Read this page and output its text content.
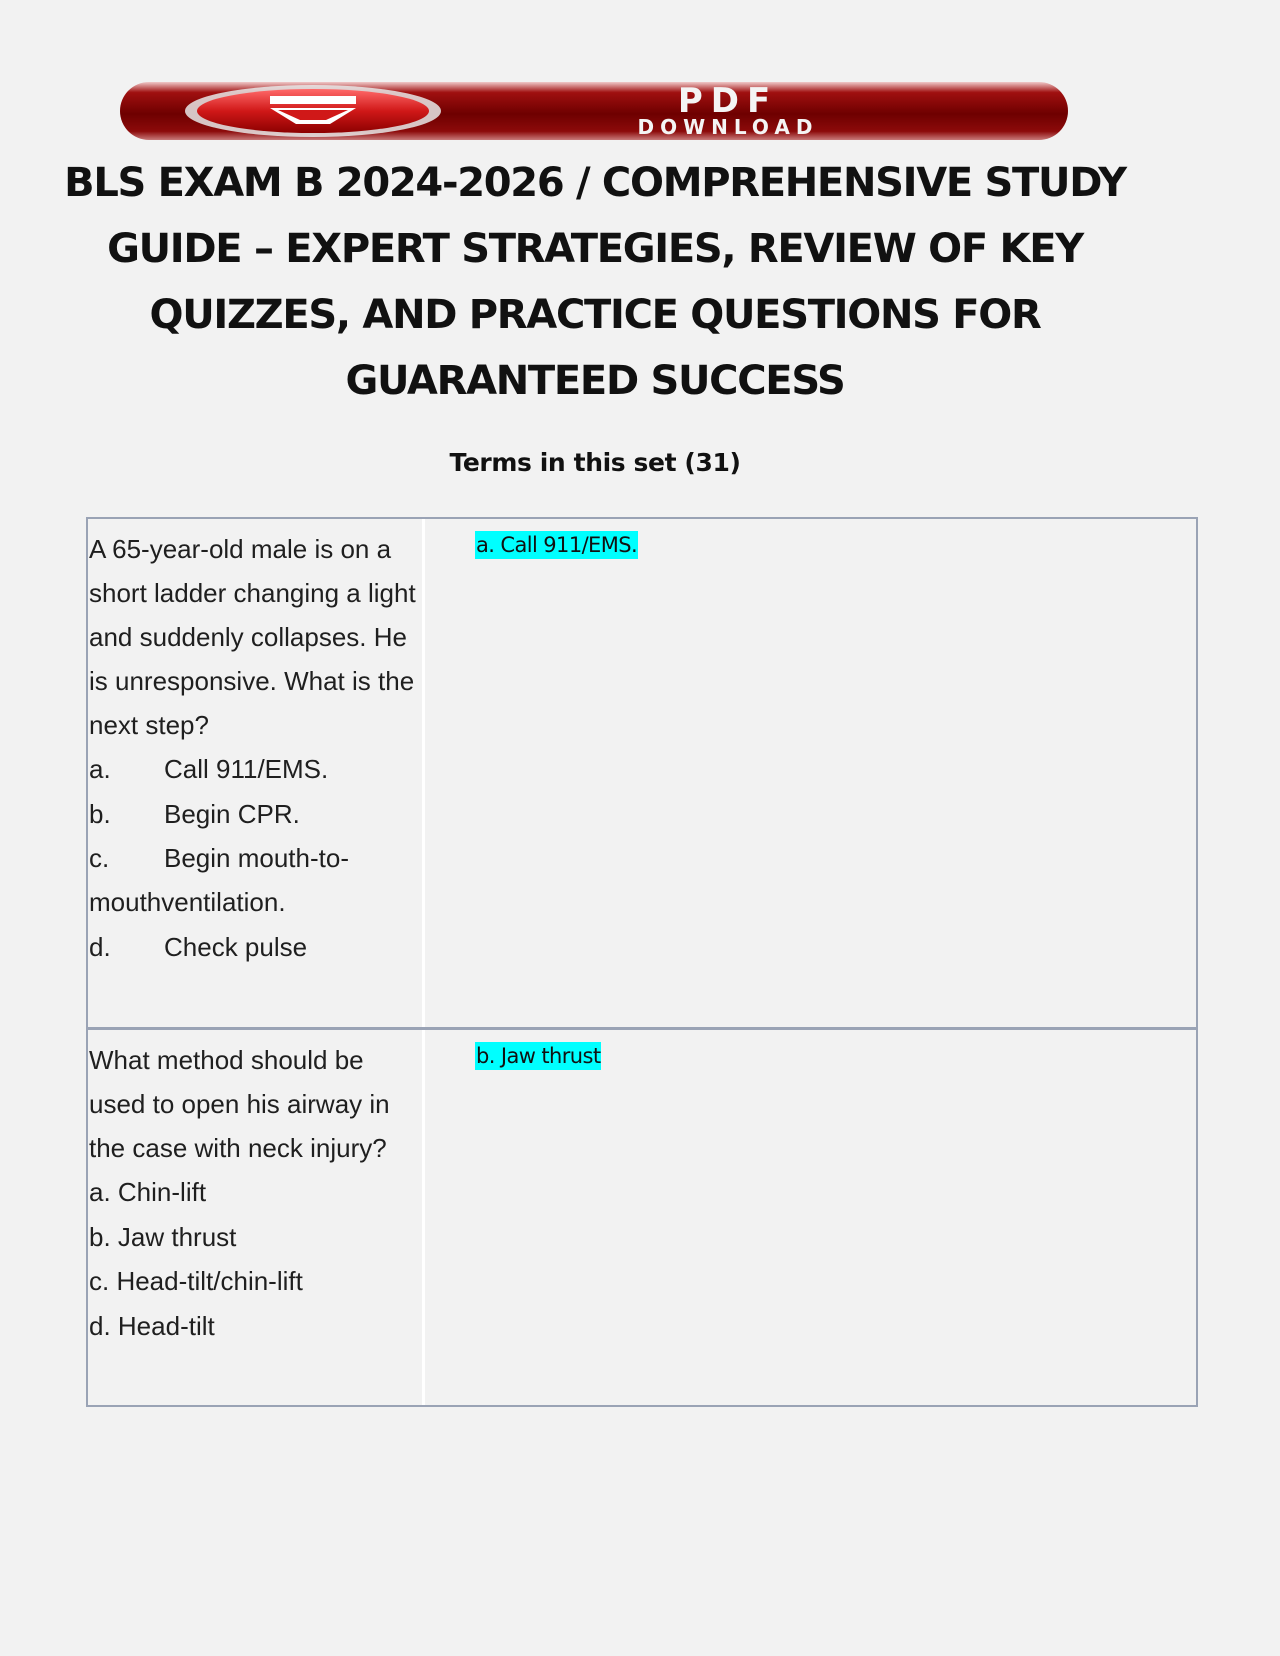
PDF
DOWNLOAD
BLS EXAM B 2024-2026 / COMPREHENSIVE STUDY GUIDE – EXPERT STRATEGIES, REVIEW OF KEY QUIZZES, AND PRACTICE QUESTIONS FOR GUARANTEED SUCCESS
Terms in this set (31)
A 65-year-old male is on a short ladder changing a light and suddenly collapses. He is unresponsive. What is the next step?
a. Call 911/EMS.
b. Begin CPR.
c. Begin mouth-to-mouthventilation.
d. Check pulse
a. Call 911/EMS.
What method should be used to open his airway in the case with neck injury?
a. Chin-lift
b. Jaw thrust
c. Head-tilt/chin-lift
d. Head-tilt
b. Jaw thrust
